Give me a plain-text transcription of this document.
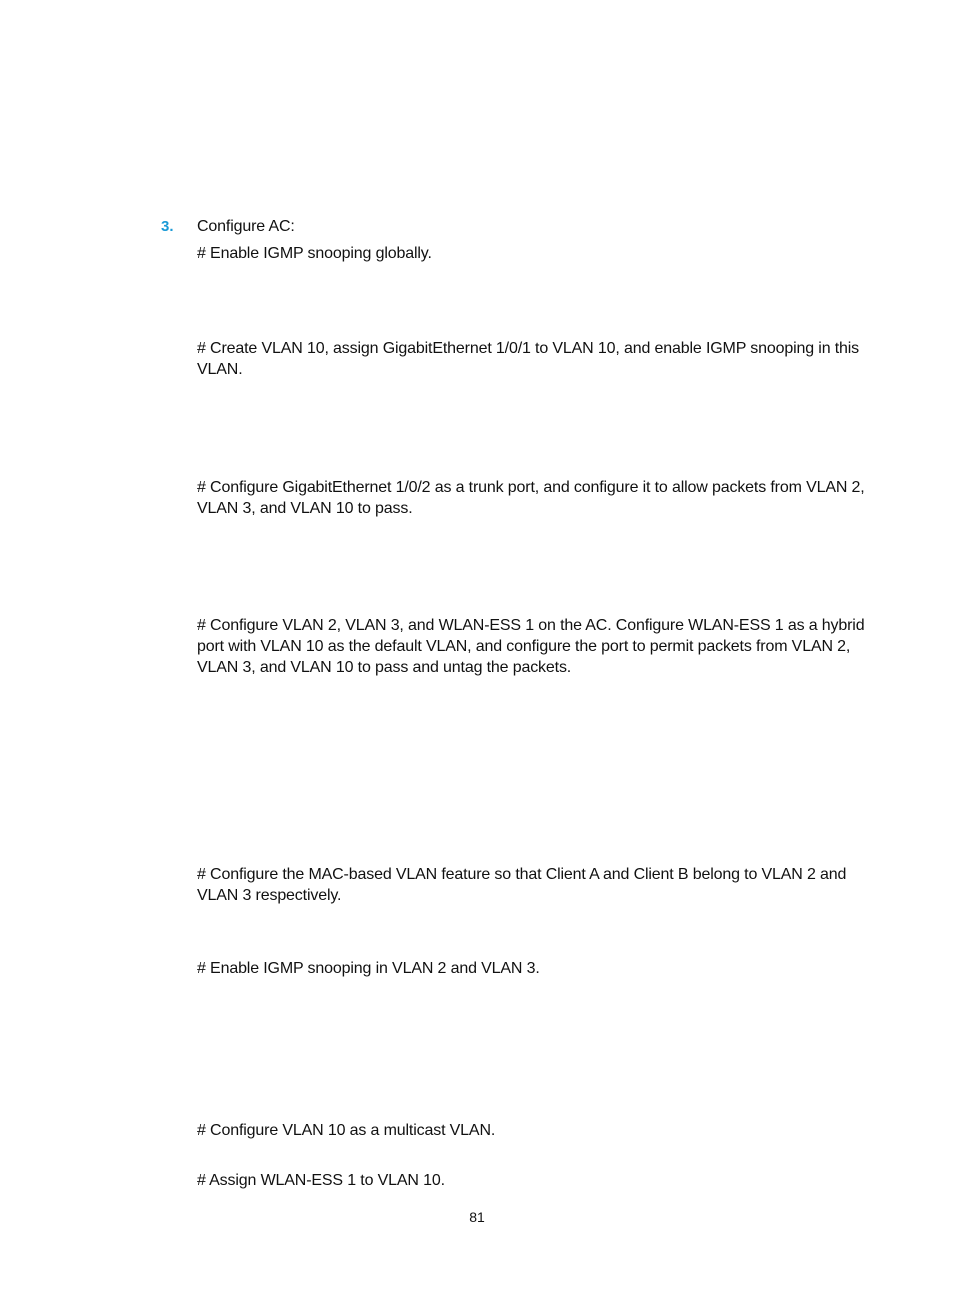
3. Configure AC:

# Enable IGMP snooping globally.

# Create VLAN 10, assign GigabitEthernet 1/0/1 to VLAN 10, and enable IGMP snooping in this VLAN.

# Configure GigabitEthernet 1/0/2 as a trunk port, and configure it to allow packets from VLAN 2, VLAN 3, and VLAN 10 to pass.

# Configure VLAN 2, VLAN 3, and WLAN-ESS 1 on the AC. Configure WLAN-ESS 1 as a hybrid port with VLAN 10 as the default VLAN, and configure the port to permit packets from VLAN 2, VLAN 3, and VLAN 10 to pass and untag the packets.

# Configure the MAC-based VLAN feature so that Client A and Client B belong to VLAN 2 and VLAN 3 respectively.

# Enable IGMP snooping in VLAN 2 and VLAN 3.

# Configure VLAN 10 as a multicast VLAN.

# Assign WLAN-ESS 1 to VLAN 10.

81
